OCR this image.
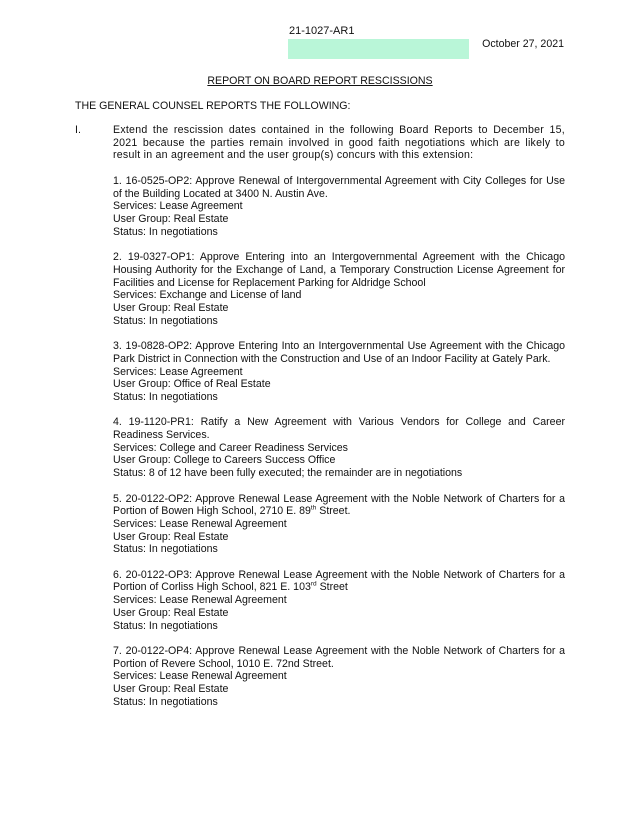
21-1027-AR1
October 27, 2021
REPORT ON BOARD REPORT RESCISSIONS
THE GENERAL COUNSEL REPORTS THE FOLLOWING:
I.	Extend the rescission dates contained in the following Board Reports to December 15, 2021 because the parties remain involved in good faith negotiations which are likely to result in an agreement and the user group(s) concurs with this extension:

1. 16-0525-OP2: Approve Renewal of Intergovernmental Agreement with City Colleges for Use of the Building Located at 3400 N. Austin Ave.

Services: Lease Agreement

User Group: Real Estate

Status: In negotiations

2. 19-0327-OP1: Approve Entering into an Intergovernmental Agreement with the Chicago Housing Authority for the Exchange of Land, a Temporary Construction License Agreement for Facilities and License for Replacement Parking for Aldridge School

Services: Exchange and License of land

User Group: Real Estate

Status: In negotiations

3. 19-0828-OP2: Approve Entering Into an Intergovernmental Use Agreement with the Chicago Park District in Connection with the Construction and Use of an Indoor Facility at Gately Park.

Services: Lease Agreement

User Group: Office of Real Estate

Status: In negotiations

4. 19-1120-PR1: Ratify a New Agreement with Various Vendors for College and Career Readiness Services.

Services: College and Career Readiness Services

User Group: College to Careers Success Office

Status: 8 of 12 have been fully executed; the remainder are in negotiations

5. 20-0122-OP2: Approve Renewal Lease Agreement with the Noble Network of Charters for a Portion of Bowen High School, 2710 E. 89th Street.

Services: Lease Renewal Agreement

User Group: Real Estate

Status: In negotiations

6. 20-0122-OP3: Approve Renewal Lease Agreement with the Noble Network of Charters for a Portion of Corliss High School, 821 E. 103rd Street

Services: Lease Renewal Agreement

User Group: Real Estate

Status: In negotiations

7. 20-0122-OP4: Approve Renewal Lease Agreement with the Noble Network of Charters for a Portion of Revere School, 1010 E. 72nd Street.

Services: Lease Renewal Agreement

User Group: Real Estate

Status: In negotiations
